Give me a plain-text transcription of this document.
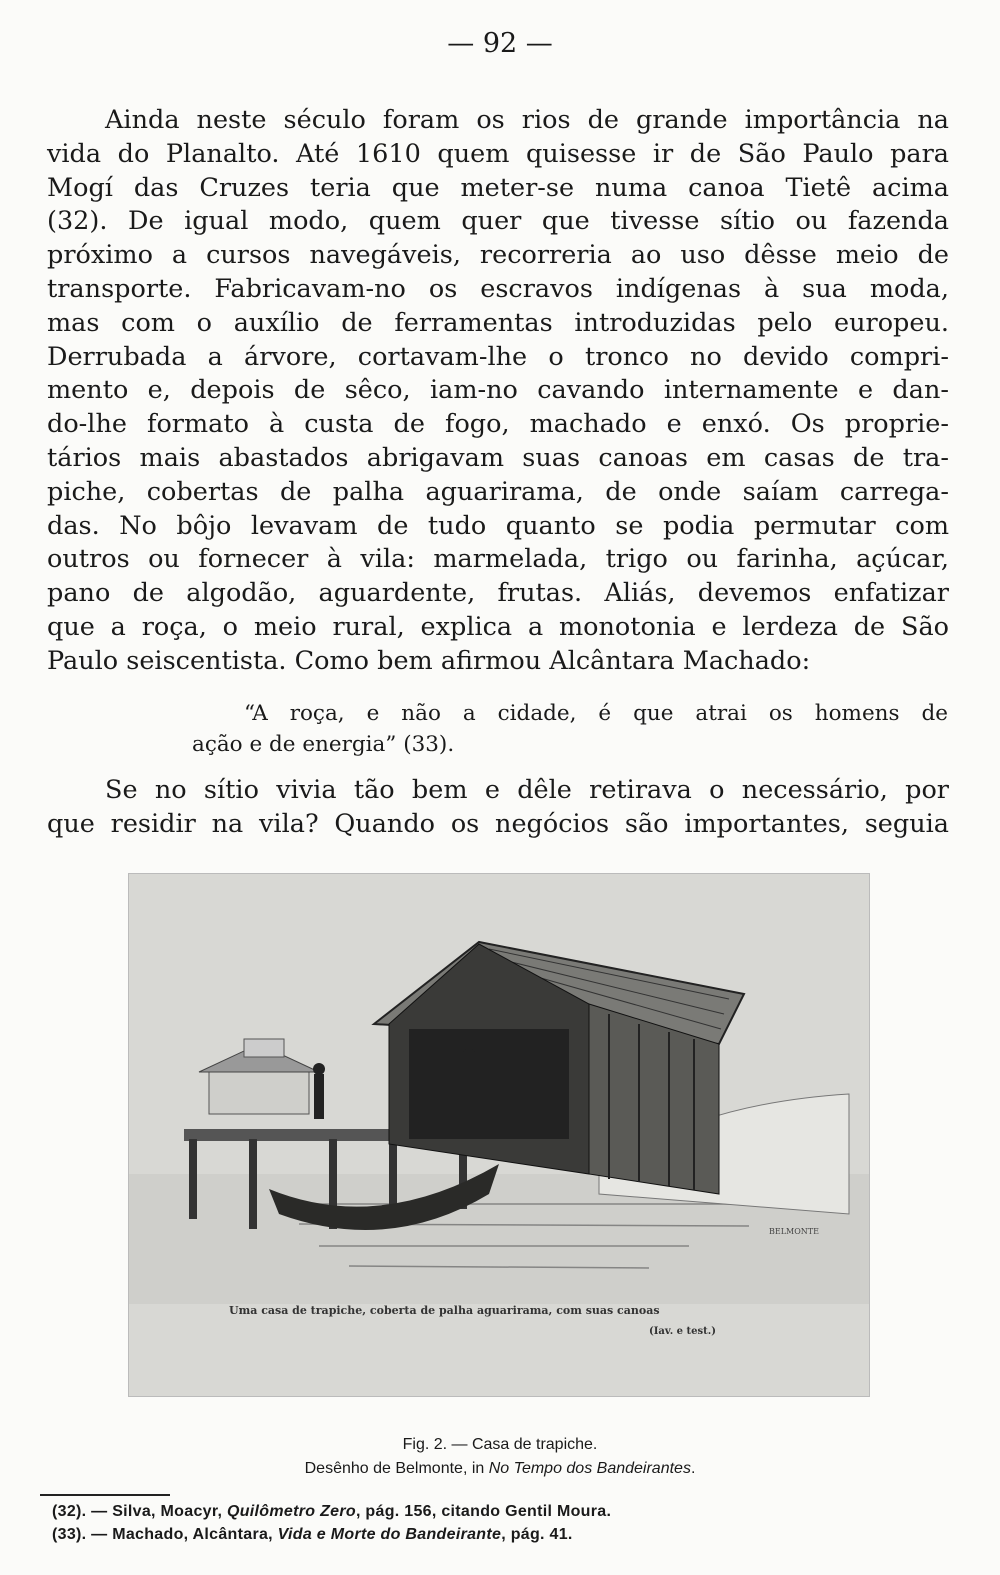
— 92 —
Ainda neste século foram os rios de grande importância na
vida do Planalto. Até 1610 quem quisesse ir de São Paulo para
Mogí das Cruzes teria que meter-se numa canoa Tietê acima
(32). De igual modo, quem quer que tivesse sítio ou fazenda
próximo a cursos navegáveis, recorreria ao uso dêsse meio de
transporte. Fabricavam-no os escravos indígenas à sua moda,
mas com o auxílio de ferramentas introduzidas pelo europeu.
Derrubada a árvore, cortavam-lhe o tronco no devido compri-
mento e, depois de sêco, iam-no cavando internamente e dan-
do-lhe formato à custa de fogo, machado e enxó. Os proprie-
tários mais abastados abrigavam suas canoas em casas de tra-
piche, cobertas de palha aguarirama, de onde saíam carrega-
das. No bôjo levavam de tudo quanto se podia permutar com
outros ou fornecer à vila: marmelada, trigo ou farinha, açúcar,
pano de algodão, aguardente, frutas. Aliás, devemos enfatizar
que a roça, o meio rural, explica a monotonia e lerdeza de São
Paulo seiscentista. Como bem afirmou Alcântara Machado:
“A roça, e não a cidade, é que atrai os homens de
ação e de energia” (33).
Se no sítio vivia tão bem e dêle retirava o necessário, por
que residir na vila? Quando os negócios são importantes, seguia
Uma casa de trapiche, coberta de palha aguarirama, com suas canoas
(Iav. e test.)
BELMONTE
Fig. 2. — Casa de trapiche.
Desênho de Belmonte, in No Tempo dos Bandeirantes.
(32). — Silva, Moacyr, Quilômetro Zero, pág. 156, citando Gentil Moura.
(33). — Machado, Alcântara, Vida e Morte do Bandeirante, pág. 41.
